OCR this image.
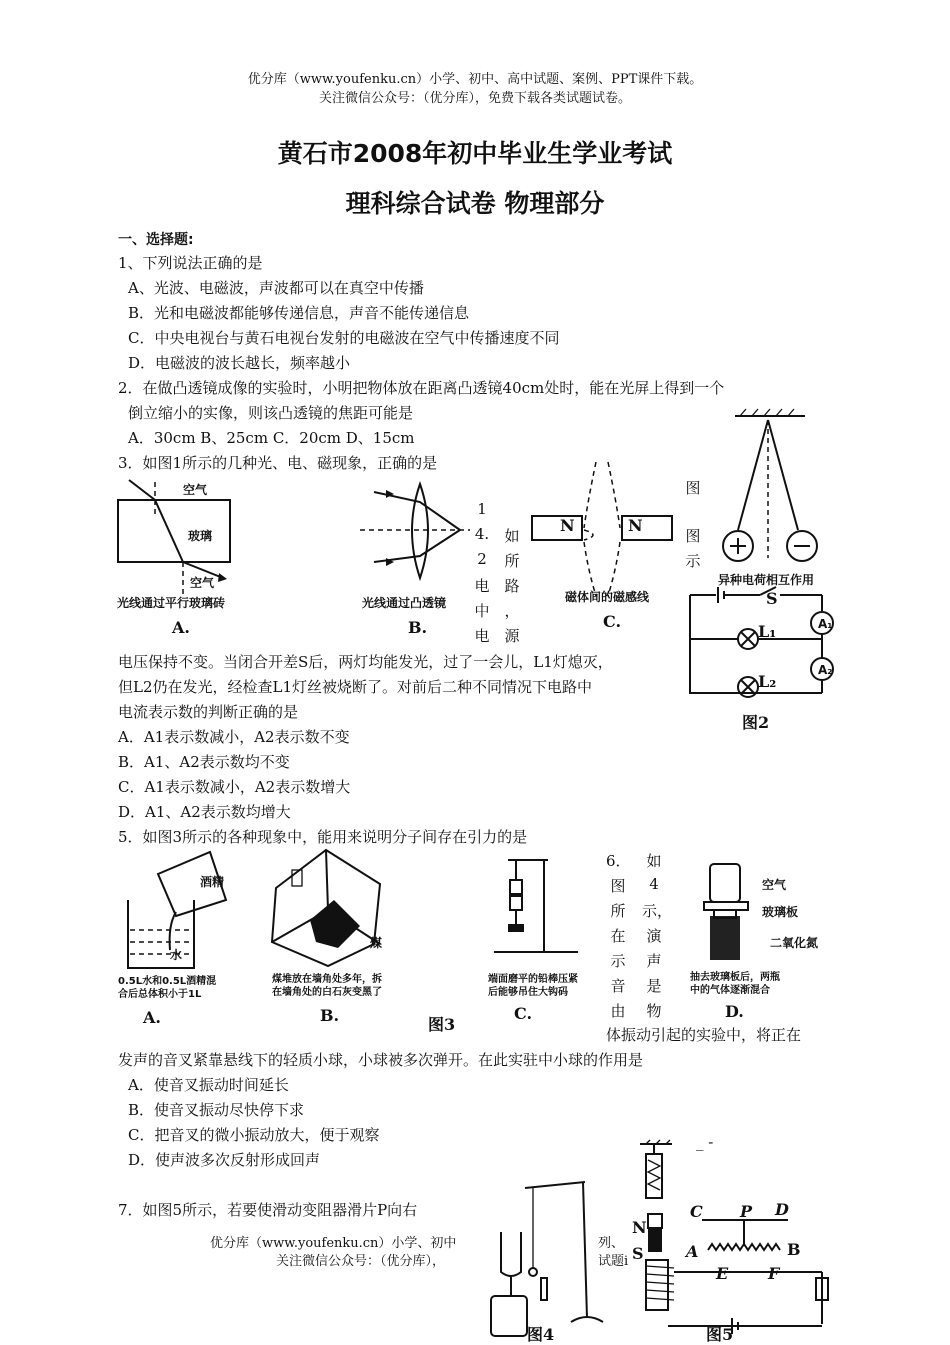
优分库（www.youfenku.cn）小学、初中、高中试题、案例、PPT课件下载。
关注微信公众号：（优分库），免费下载各类试题试卷。
黄石市2008年初中毕业生学业考试
理科综合试卷 物理部分
一、选择题:
1、下列说法正确的是
A、光波、电磁波，声波都可以在真空中传播
B．光和电磁波都能够传递信息，声音不能传递信息
C．中央电视台与黄石电视台发射的电磁波在空气中传播速度不同
D．电磁波的波长越长，频率越小
2．在做凸透镜成像的实验时，小明把物体放在距离凸透镜40cm处时，能在光屏上得到一个
倒立缩小的实像，则该凸透镜的焦距可能是
A．30cm B、25cm C．20cm D、15cm
3．如图1所示的几种光、电、磁现象，正确的是
空气
玻璃
空气
光线通过平行玻璃砖
A.
光线通过凸透镜
B.
1
4.
2
电
中
电
如
所
路
，
源
N	N
磁体间的磁感线
C.
图
图
示
异种电荷相互作用
S
A₁
A₂
L₁
L₂
图2
电压保持不变。当闭合开差S后，两灯均能发光，过了一会儿，L1灯熄灭，
但L2仍在发光，经检查L1灯丝被烧断了。对前后二种不同情况下电路中
电流表示数的判断正确的是
A．A1表示数减小，A2表示数不变
B．A1、A2表示数均不变
C．A1表示数减小，A2表示数增大
D．A1、A2表示数均增大
5．如图3所示的各种现象中，能用来说明分子间存在引力的是
酒精
水
0.5L水和0.5L酒精混
合后总体积小于1L
A.
煤
煤堆放在墙角处多年，拆
在墙角处的白石灰变黑了
B.	图3
端面磨平的铅棒压紧
后能够吊住大钩码
C.
6．
图
所
在
示
音
由
如
4
示，
演
声
是
物
空气
玻璃板
二氧化氮
抽去玻璃板后，两瓶
中的气体逐渐混合
D.
体振动引起的实验中，将正在
发声的音叉紧靠悬线下的轻质小球，小球被多次弹开。在此实驻中小球的作用是
A．使音叉振动时间延长
B．使音叉振动尽快停下求
C．把音叉的微小振动放大，便于观察
D．使声波多次反射形成回声
7．如图5所示，若要使滑动变阻器滑片P向右
图4
_ -
N
S
C P D
A	B
E F
图5
优分库（www.youfenku.cn）小学、初中	列、
关注微信公众号：（优分库），	试题i
